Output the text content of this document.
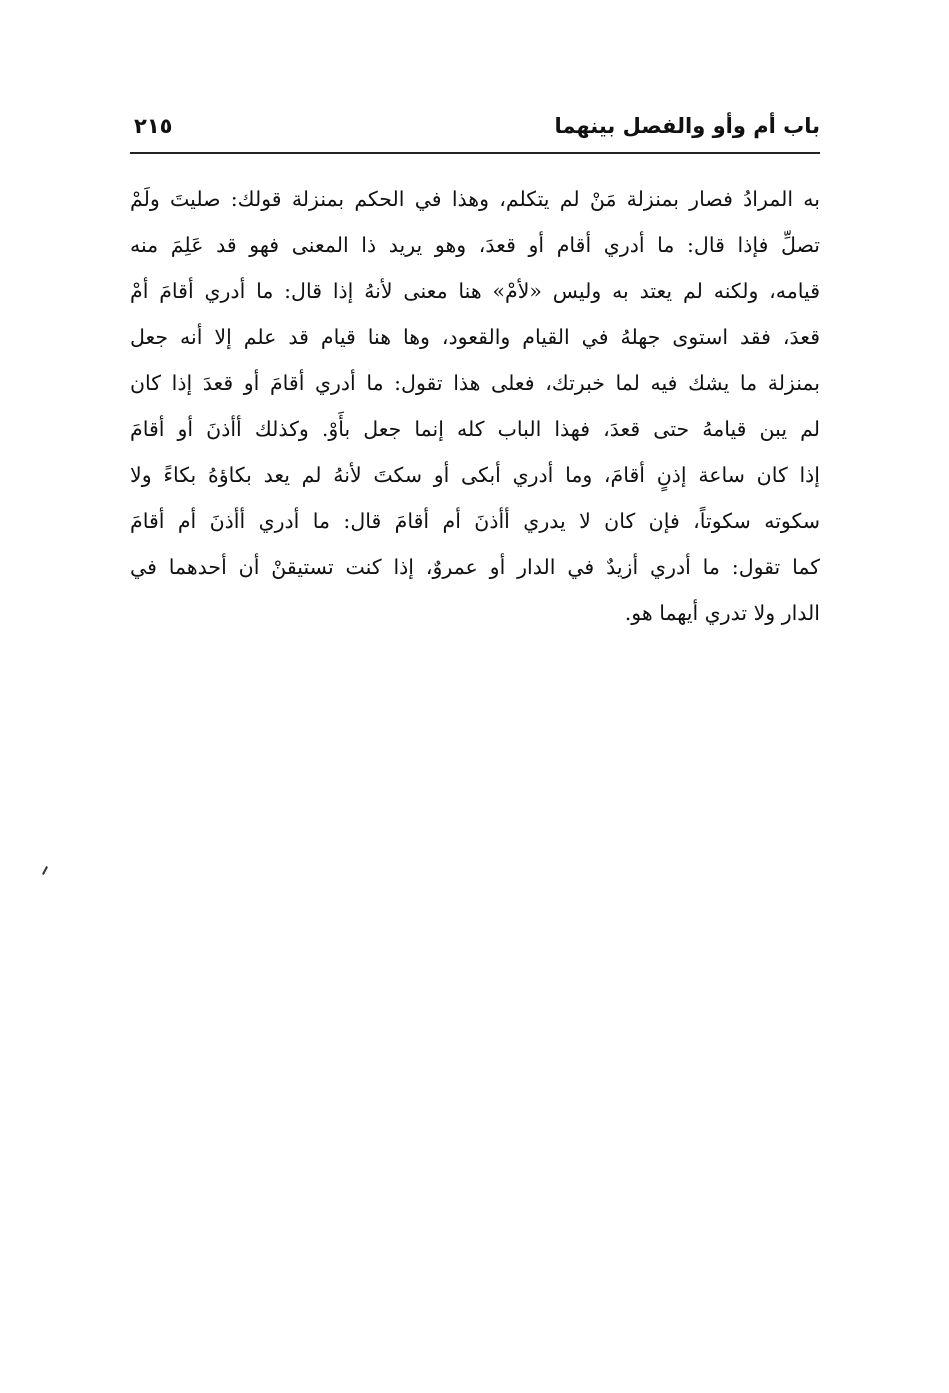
باب أم وأو والفصل بينهما
٢١٥
به المرادُ فصار بمنزلة مَنْ لم يتكلم، وهذا في الحكم بمنزلة قولك: صليتَ ولَمْ
تصلِّ فإذا قال: ما أدري أقام أو قعدَ، وهو يريد ذا المعنى فهو قد عَلِمَ منه
قيامه، ولكنه لم يعتد به وليس «لأمْ» هنا معنى لأنهُ إذا قال: ما أدري أقامَ أمْ
قعدَ، فقد استوى جهلهُ في القيام والقعود، وها هنا قيام قد علم إلا أنه جعل
بمنزلة ما يشك فيه لما خبرتك، فعلى هذا تقول: ما أدري أقامَ أو قعدَ إذا كان
لم يبن قيامهُ حتى قعدَ، فهذا الباب كله إنما جعل بأَوْ. وكذلك أأذنَ أو أقامَ
إذا كان ساعة إذنٍ أقامَ، وما أدري أبكى أو سكتَ لأنهُ لم يعد بكاؤهُ بكاءً ولا
سكوته سكوتاً، فإن كان لا يدري أأذنَ أم أقامَ قال: ما أدري أأذنَ أم أقامَ
كما تقول: ما أدري أزيدٌ في الدار أو عمروٌ، إذا كنت تستيقنْ أن أحدهما في
الدار ولا تدري أيهما هو.
